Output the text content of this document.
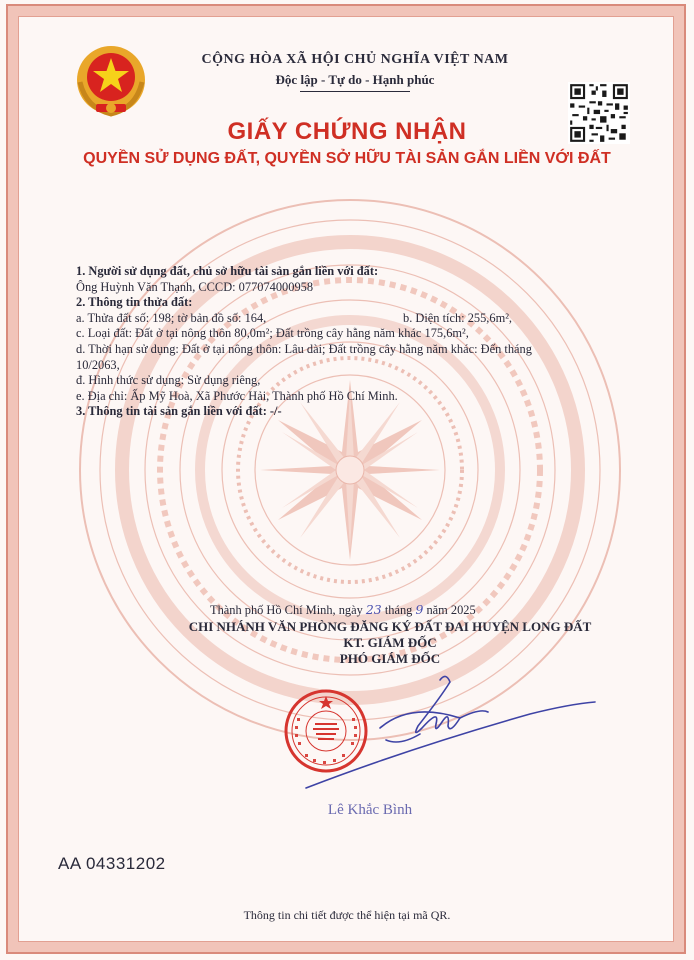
CỘNG HÒA XÃ HỘI CHỦ NGHĨA VIỆT NAM
Độc lập - Tự do - Hạnh phúc
GIẤY CHỨNG NHẬN
QUYỀN SỬ DỤNG ĐẤT, QUYỀN SỞ HỮU TÀI SẢN GẮN LIỀN VỚI ĐẤT
1. Người sử dụng đất, chủ sở hữu tài sản gắn liền với đất:
Ông Huỳnh Văn Thạnh, CCCD: 077074000958
2. Thông tin thửa đất:
a. Thửa đất số: 198; tờ bản đồ số: 164,	b. Diện tích: 255,6m²,
c. Loại đất: Đất ở tại nông thôn 80,0m²; Đất trồng cây hằng năm khác 175,6m²,
d. Thời hạn sử dụng: Đất ở tại nông thôn: Lâu dài; Đất trồng cây hằng năm khác: Đến tháng
10/2063,
đ. Hình thức sử dụng: Sử dụng riêng,
e. Địa chỉ: Ấp Mỹ Hoà, Xã Phước Hải, Thành phố Hồ Chí Minh.
3. Thông tin tài sản gắn liền với đất: -/-
Thành phố Hồ Chí Minh, ngày 23 tháng 9 năm 2025
CHI NHÁNH VĂN PHÒNG ĐĂNG KÝ ĐẤT ĐAI HUYỆN LONG ĐẤT
KT. GIÁM ĐỐC
PHÓ GIÁM ĐỐC
Lê Khắc Bình
AA 04331202
Thông tin chi tiết được thể hiện tại mã QR.
